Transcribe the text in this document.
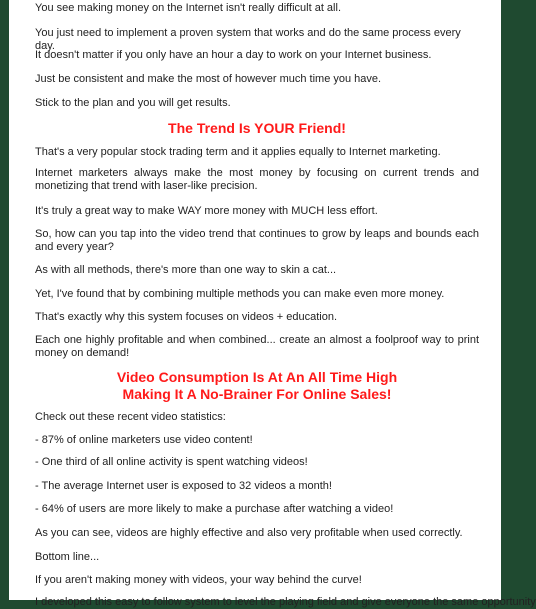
You see making money on the Internet isn't really difficult at all.

You just need to implement a proven system that works and do the same process every day.

It doesn't matter if you only have an hour a day to work on your Internet business.

Just be consistent and make the most of however much time you have.

Stick to the plan and you will get results.

The Trend Is YOUR Friend!

That's a very popular stock trading term and it applies equally to Internet marketing.

Internet marketers always make the most money by focusing on current trends and monetizing that trend with laser-like precision.

It's truly a great way to make WAY more money with MUCH less effort.

So, how can you tap into the video trend that continues to grow by leaps and bounds each and every year?

As with all methods, there's more than one way to skin a cat...

Yet, I've found that by combining multiple methods you can make even more money.

That's exactly why this system focuses on videos + education.

Each one highly profitable and when combined... create an almost a foolproof way to print money on demand!

Video Consumption Is At An All Time High
Making It A No-Brainer For Online Sales!

Check out these recent video statistics:

- 87% of online marketers use video content!

- One third of all online activity is spent watching videos!

- The average Internet user is exposed to 32 videos a month!

- 64% of users are more likely to make a purchase after watching a video!

As you can see, videos are highly effective and also very profitable when used correctly.

Bottom line...

If you aren't making money with videos, your way behind the curve!

I developed this easy to follow system to level the playing field and give everyone the same opportunity
